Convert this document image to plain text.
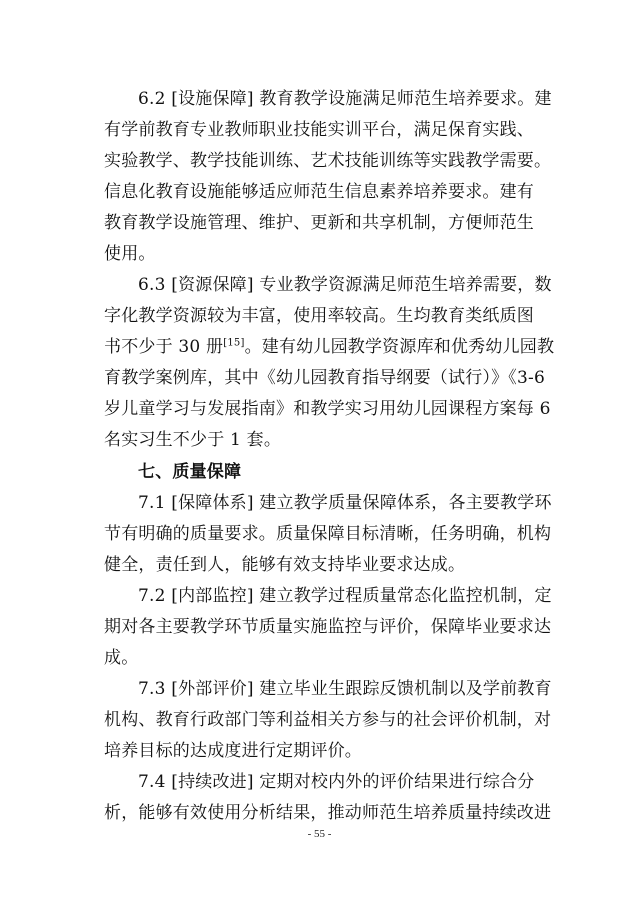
6.2 [设施保障] 教育教学设施满足师范生培养要求。建
有学前教育专业教师职业技能实训平台，满足保育实践、
实验教学、教学技能训练、艺术技能训练等实践教学需要。
信息化教育设施能够适应师范生信息素养培养要求。建有
教育教学设施管理、维护、更新和共享机制，方便师范生
使用。
6.3 [资源保障] 专业教学资源满足师范生培养需要，数
字化教学资源较为丰富，使用率较高。生均教育类纸质图
书不少于 30 册[15]。建有幼儿园教学资源库和优秀幼儿园教
育教学案例库，其中《幼儿园教育指导纲要（试行）》《3-6
岁儿童学习与发展指南》和教学实习用幼儿园课程方案每 6
名实习生不少于 1 套。
七、质量保障
7.1 [保障体系] 建立教学质量保障体系，各主要教学环
节有明确的质量要求。质量保障目标清晰，任务明确，机构
健全，责任到人，能够有效支持毕业要求达成。
7.2 [内部监控] 建立教学过程质量常态化监控机制，定
期对各主要教学环节质量实施监控与评价，保障毕业要求达
成。
7.3 [外部评价] 建立毕业生跟踪反馈机制以及学前教育
机构、教育行政部门等利益相关方参与的社会评价机制，对
培养目标的达成度进行定期评价。
7.4 [持续改进] 定期对校内外的评价结果进行综合分
析，能够有效使用分析结果，推动师范生培养质量持续改进
- 55 -
